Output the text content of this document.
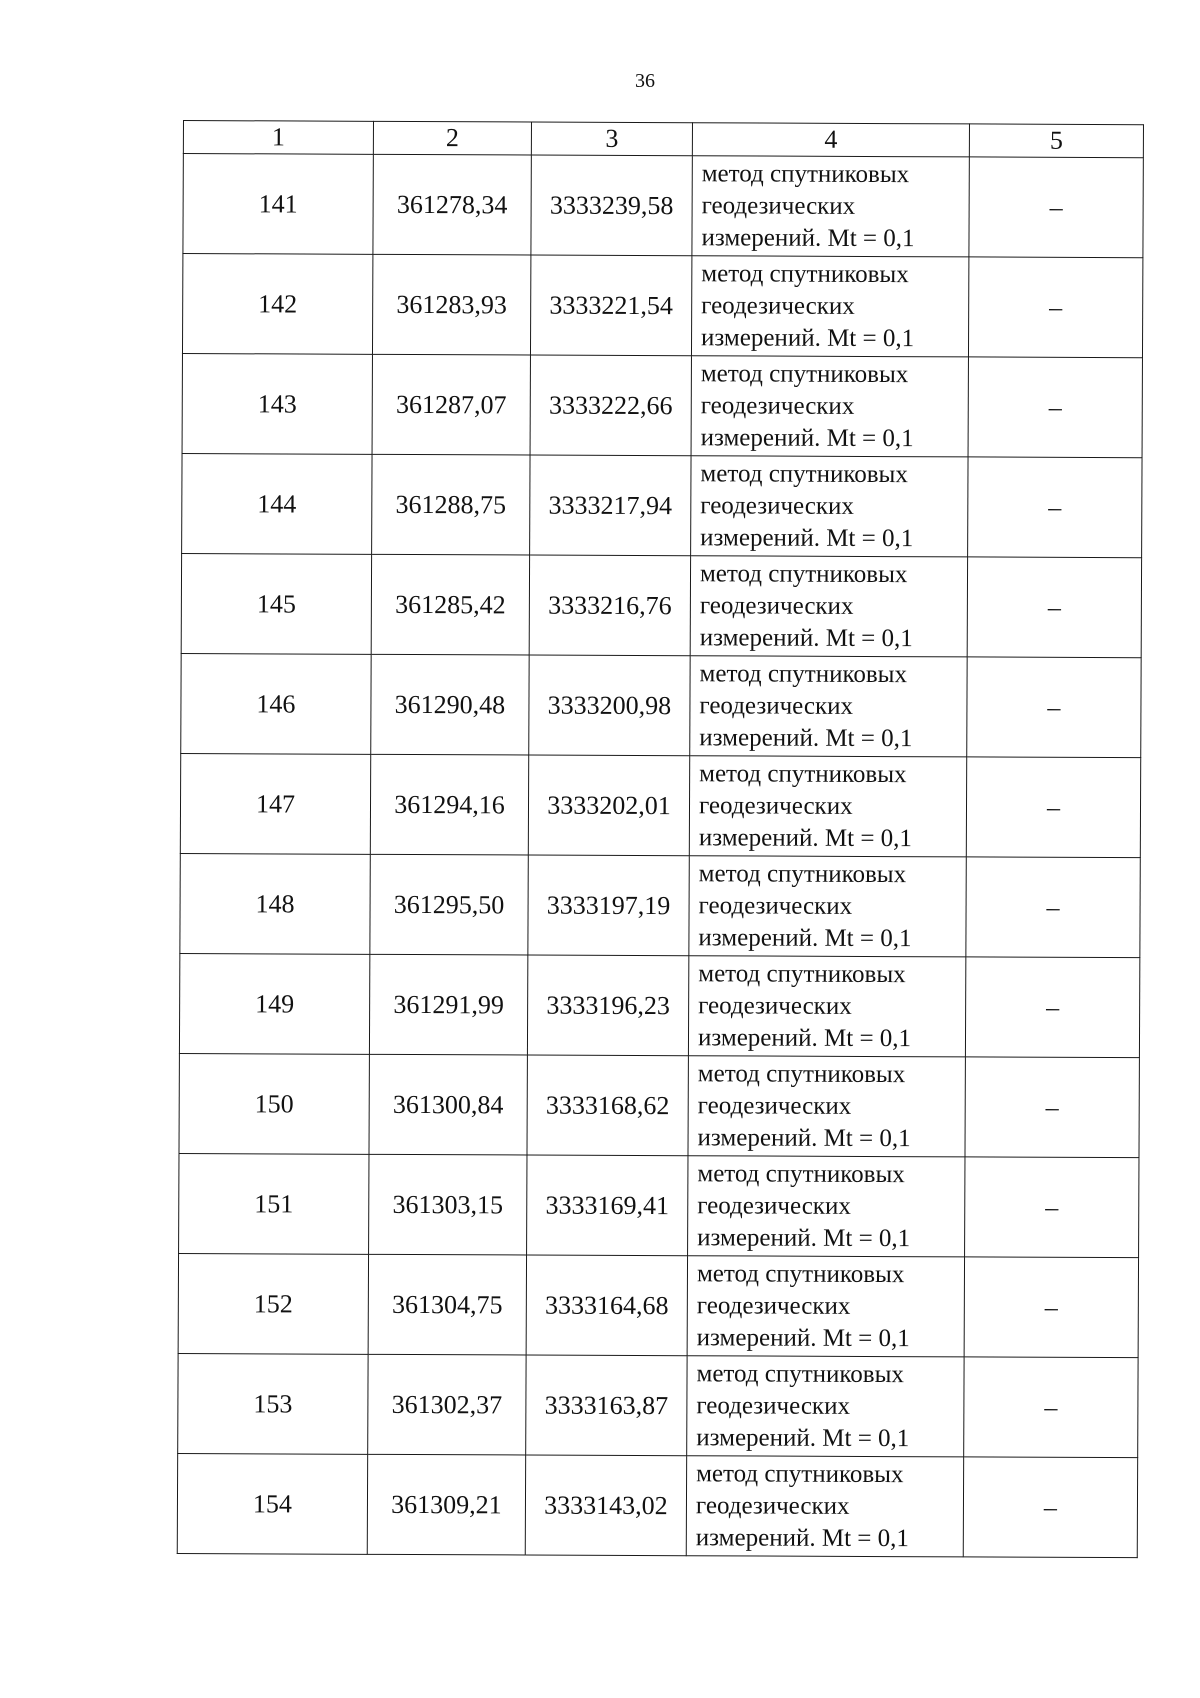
36
1	2	3	4	5
141	361278,34	3333239,58	метод спутниковых
геодезических
измерений. Mt = 0,1	–
142	361283,93	3333221,54	метод спутниковых
геодезических
измерений. Mt = 0,1	–
143	361287,07	3333222,66	метод спутниковых
геодезических
измерений. Mt = 0,1	–
144	361288,75	3333217,94	метод спутниковых
геодезических
измерений. Mt = 0,1	–
145	361285,42	3333216,76	метод спутниковых
геодезических
измерений. Mt = 0,1	–
146	361290,48	3333200,98	метод спутниковых
геодезических
измерений. Mt = 0,1	–
147	361294,16	3333202,01	метод спутниковых
геодезических
измерений. Mt = 0,1	–
148	361295,50	3333197,19	метод спутниковых
геодезических
измерений. Mt = 0,1	–
149	361291,99	3333196,23	метод спутниковых
геодезических
измерений. Mt = 0,1	–
150	361300,84	3333168,62	метод спутниковых
геодезических
измерений. Mt = 0,1	–
151	361303,15	3333169,41	метод спутниковых
геодезических
измерений. Mt = 0,1	–
152	361304,75	3333164,68	метод спутниковых
геодезических
измерений. Mt = 0,1	–
153	361302,37	3333163,87	метод спутниковых
геодезических
измерений. Mt = 0,1	–
154	361309,21	3333143,02	метод спутниковых
геодезических
измерений. Mt = 0,1	–
